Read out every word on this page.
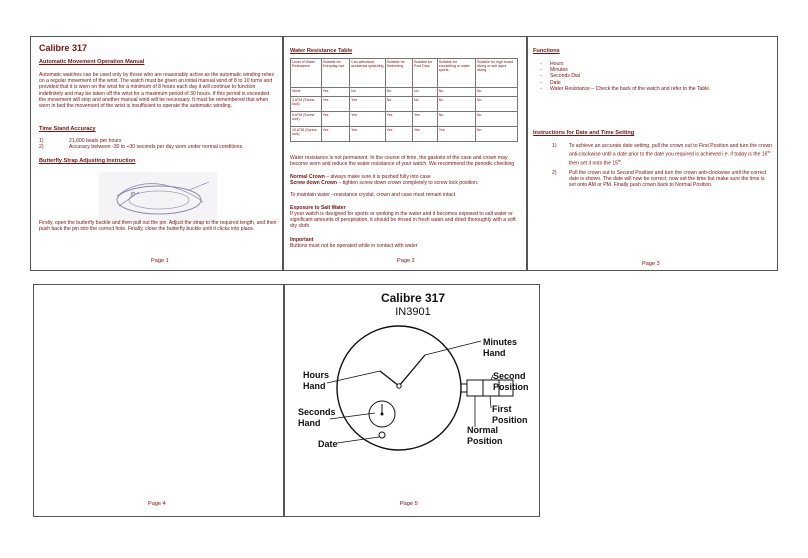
Calibre 317
Automatic Movement Operation Manual
Automatic watches can be used only by those who are reasonably active as the automatic winding relies on a regular movement of the wrist. The watch must be given an initial manual wind of 8 to 10 turns and provided that it is worn on the wrist for a minimum of 8 hours each day it will continue to function indefinitely and may be taken off the wrist for a maximum period of 30 hours. If this period is exceeded the movement will stop and another manual wind will be necessary. It must be remembered that when worn in bed the movement of the wrist is insufficient to operate the automatic winding.
Time Stand Accuracy
1)	21,600 beats per hours
2)	Accuracy between -30 to +30 seconds per day worn under normal conditions.
Butterfly Strap Adjusting Instruction
Firstly, open the butterfly buckle and then pull out the pin. Adjust the strap to the required length, and then push back the pin into the correct hole. Finally, close the butterfly buckle until it clicks into place.
Page 1
Water Resistance Table
Level of Water Resistance	Suitable for Everyday use	Can withstand accidental splashing	Suitable for Swimming	Suitable for Pool Dips	Suitable for snorkelling or water sports	Suitable for high board diving or sub aqua diving
None	Yes	No	No	No	No	No
3 ATM (Screw lock)	Yes	Yes	No	No	No	No
5 ATM (Screw lock)	Yes	Yes	Yes	Yes	No	No
10 ATM (Screw lock)	Yes	Yes	Yes	Yes	Yes	No
Water resistance is not permanent. In the course of time, the gaskets of the case and crown may become worn and reduce the water resistance of your watch. We recommend the periodic checking
Normal Crown – always make sure it is pushed fully into case
Screw down Crown – tighten screw down crown completely to screw lock position.
To maintain water –resistance crystal, crown and case must remain intact
Exposure to Salt Water
If your watch is designed for sports or working in the water and it becomes exposed to salt water or significant amounts of perspiration, it should be rinsed in fresh water and dried thoroughly with a soft dry cloth.
Important
Buttons must not be operated while in contact with water
Page 2
Functions
- Hours
- Minutes
- Seconds Dial
- Date
- Water Resistance – Check the back of the watch and refer to the Table.
Instructions for Date and Time Setting
1) To achieve an accurate date setting, pull the crown out to First Position and turn the crown anti-clockwise until a date prior to the date you required is achieved i.e. if today is the 16th then set it onto the 15th.
2) Pull the crown out to Second Position and turn the crown anti-clockwise until the correct date is shown. The date will now be correct, now set the time but make sure the time is set onto AM or PM. Finally push crown back to Normal Position.
Page 3
Page 4
Calibre 317
IN3901
Minutes
Hand
Hours
Hand
Seconds
Hand
Date
Second
Position
First
Position
Normal
Position
Page 5
